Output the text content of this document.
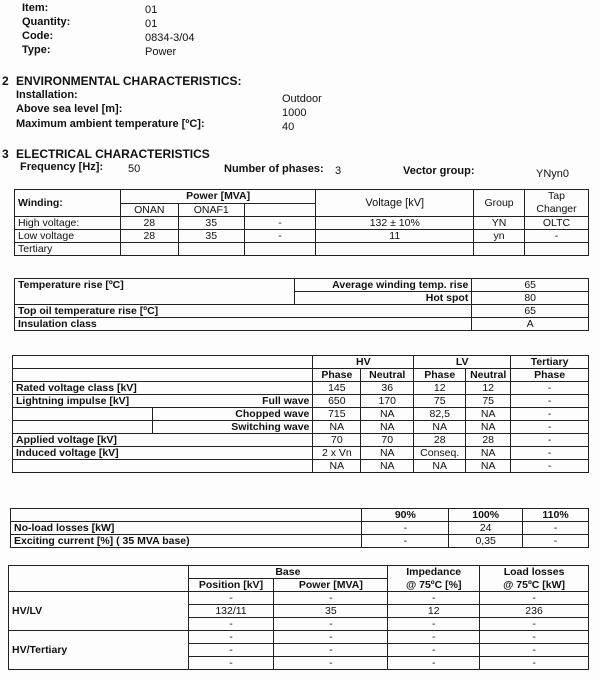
Item:	01
Quantity:	01
Code:	0834-3/04
Type:	Power
2 ENVIRONMENTAL CHARACTERISTICS:
Installation:	Outdoor
Above sea level [m]:	1000
Maximum ambient temperature [ºC]:	40
3 ELECTRICAL CHARACTERISTICS
Frequency [Hz]: 50	Number of phases: 3	Vector group:	YNyn0
Winding:	Power [MVA]			Voltage [kV]	Group	Tap
Changer
	ONAN	ONAF1				
High voltage:	28	35	-	132 ± 10%	YN	OLTC
Low voltage	28	35	-	11	yn	-
Tertiary						
Temperature rise [ºC]		Average winding temp. rise	65
		Hot spot	80
Top oil temperature rise [ºC]			65
Insulation class			A
		HV		LV		Tertiary
		Phase	Neutral	Phase	Neutral	Phase
Rated voltage class [kV]		145	36	12	12	-
Lightning impulse [kV]	Full wave	650	170	75	75	-
	Chopped wave	715	NA	82,5	NA	-
	Switching wave	NA	NA	NA	NA	-
Applied voltage [kV]		70	70	28	28	-
Induced voltage [kV]		2 x Vn	NA	Conseq.	NA	-
		NA	NA	NA	NA	-
	90%	100%	110%
No-load losses [kW]	-	24	-
Exciting current [%] ( 35 MVA base)	-	0,35	-
	Base		Impedance	Load losses
	Position [kV]	Power [MVA]	@ 75ºC [%]	@ 75ºC [kW]
HV/LV	-	-	-	-
	132/11	35	12	236
	-	-	-	-
HV/Tertiary	-	-	-	-
	-	-	-	-
	-	-	-	-
